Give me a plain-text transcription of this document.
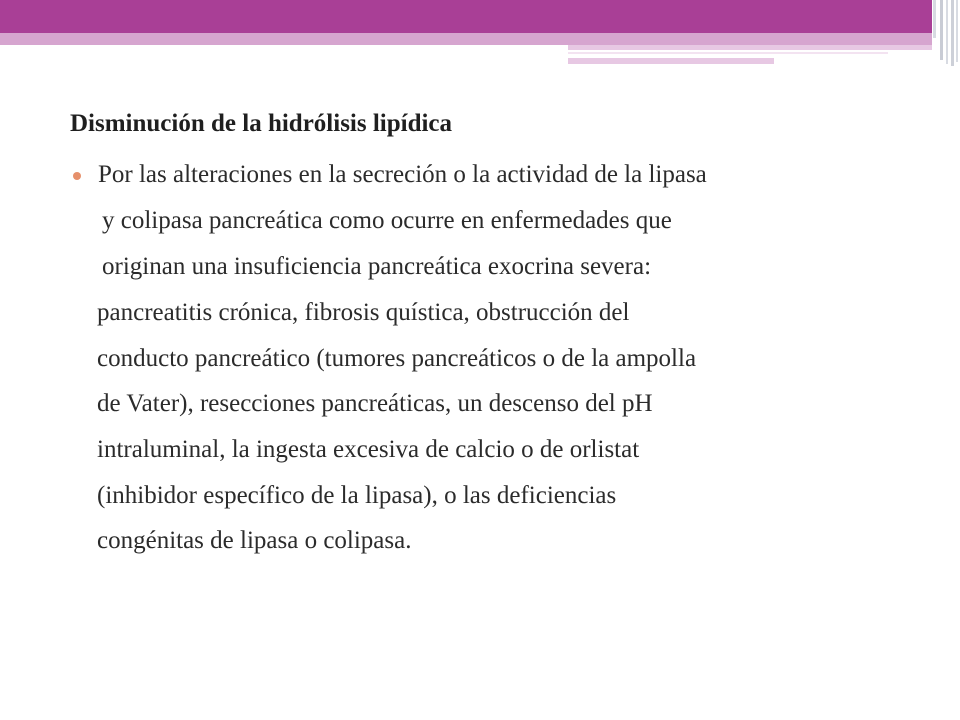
Disminución de la hidrólisis lipídica
Por las alteraciones en la secreción o la actividad de la lipasa
y colipasa pancreática como ocurre en enfermedades que
originan una insuficiencia pancreática exocrina severa:
pancreatitis crónica, fibrosis quística, obstrucción del
conducto pancreático (tumores pancreáticos o de la ampolla
de Vater), resecciones pancreáticas, un descenso del pH
intraluminal, la ingesta excesiva de calcio o de orlistat
(inhibidor específico de la lipasa), o las deficiencias
congénitas de lipasa o colipasa.
